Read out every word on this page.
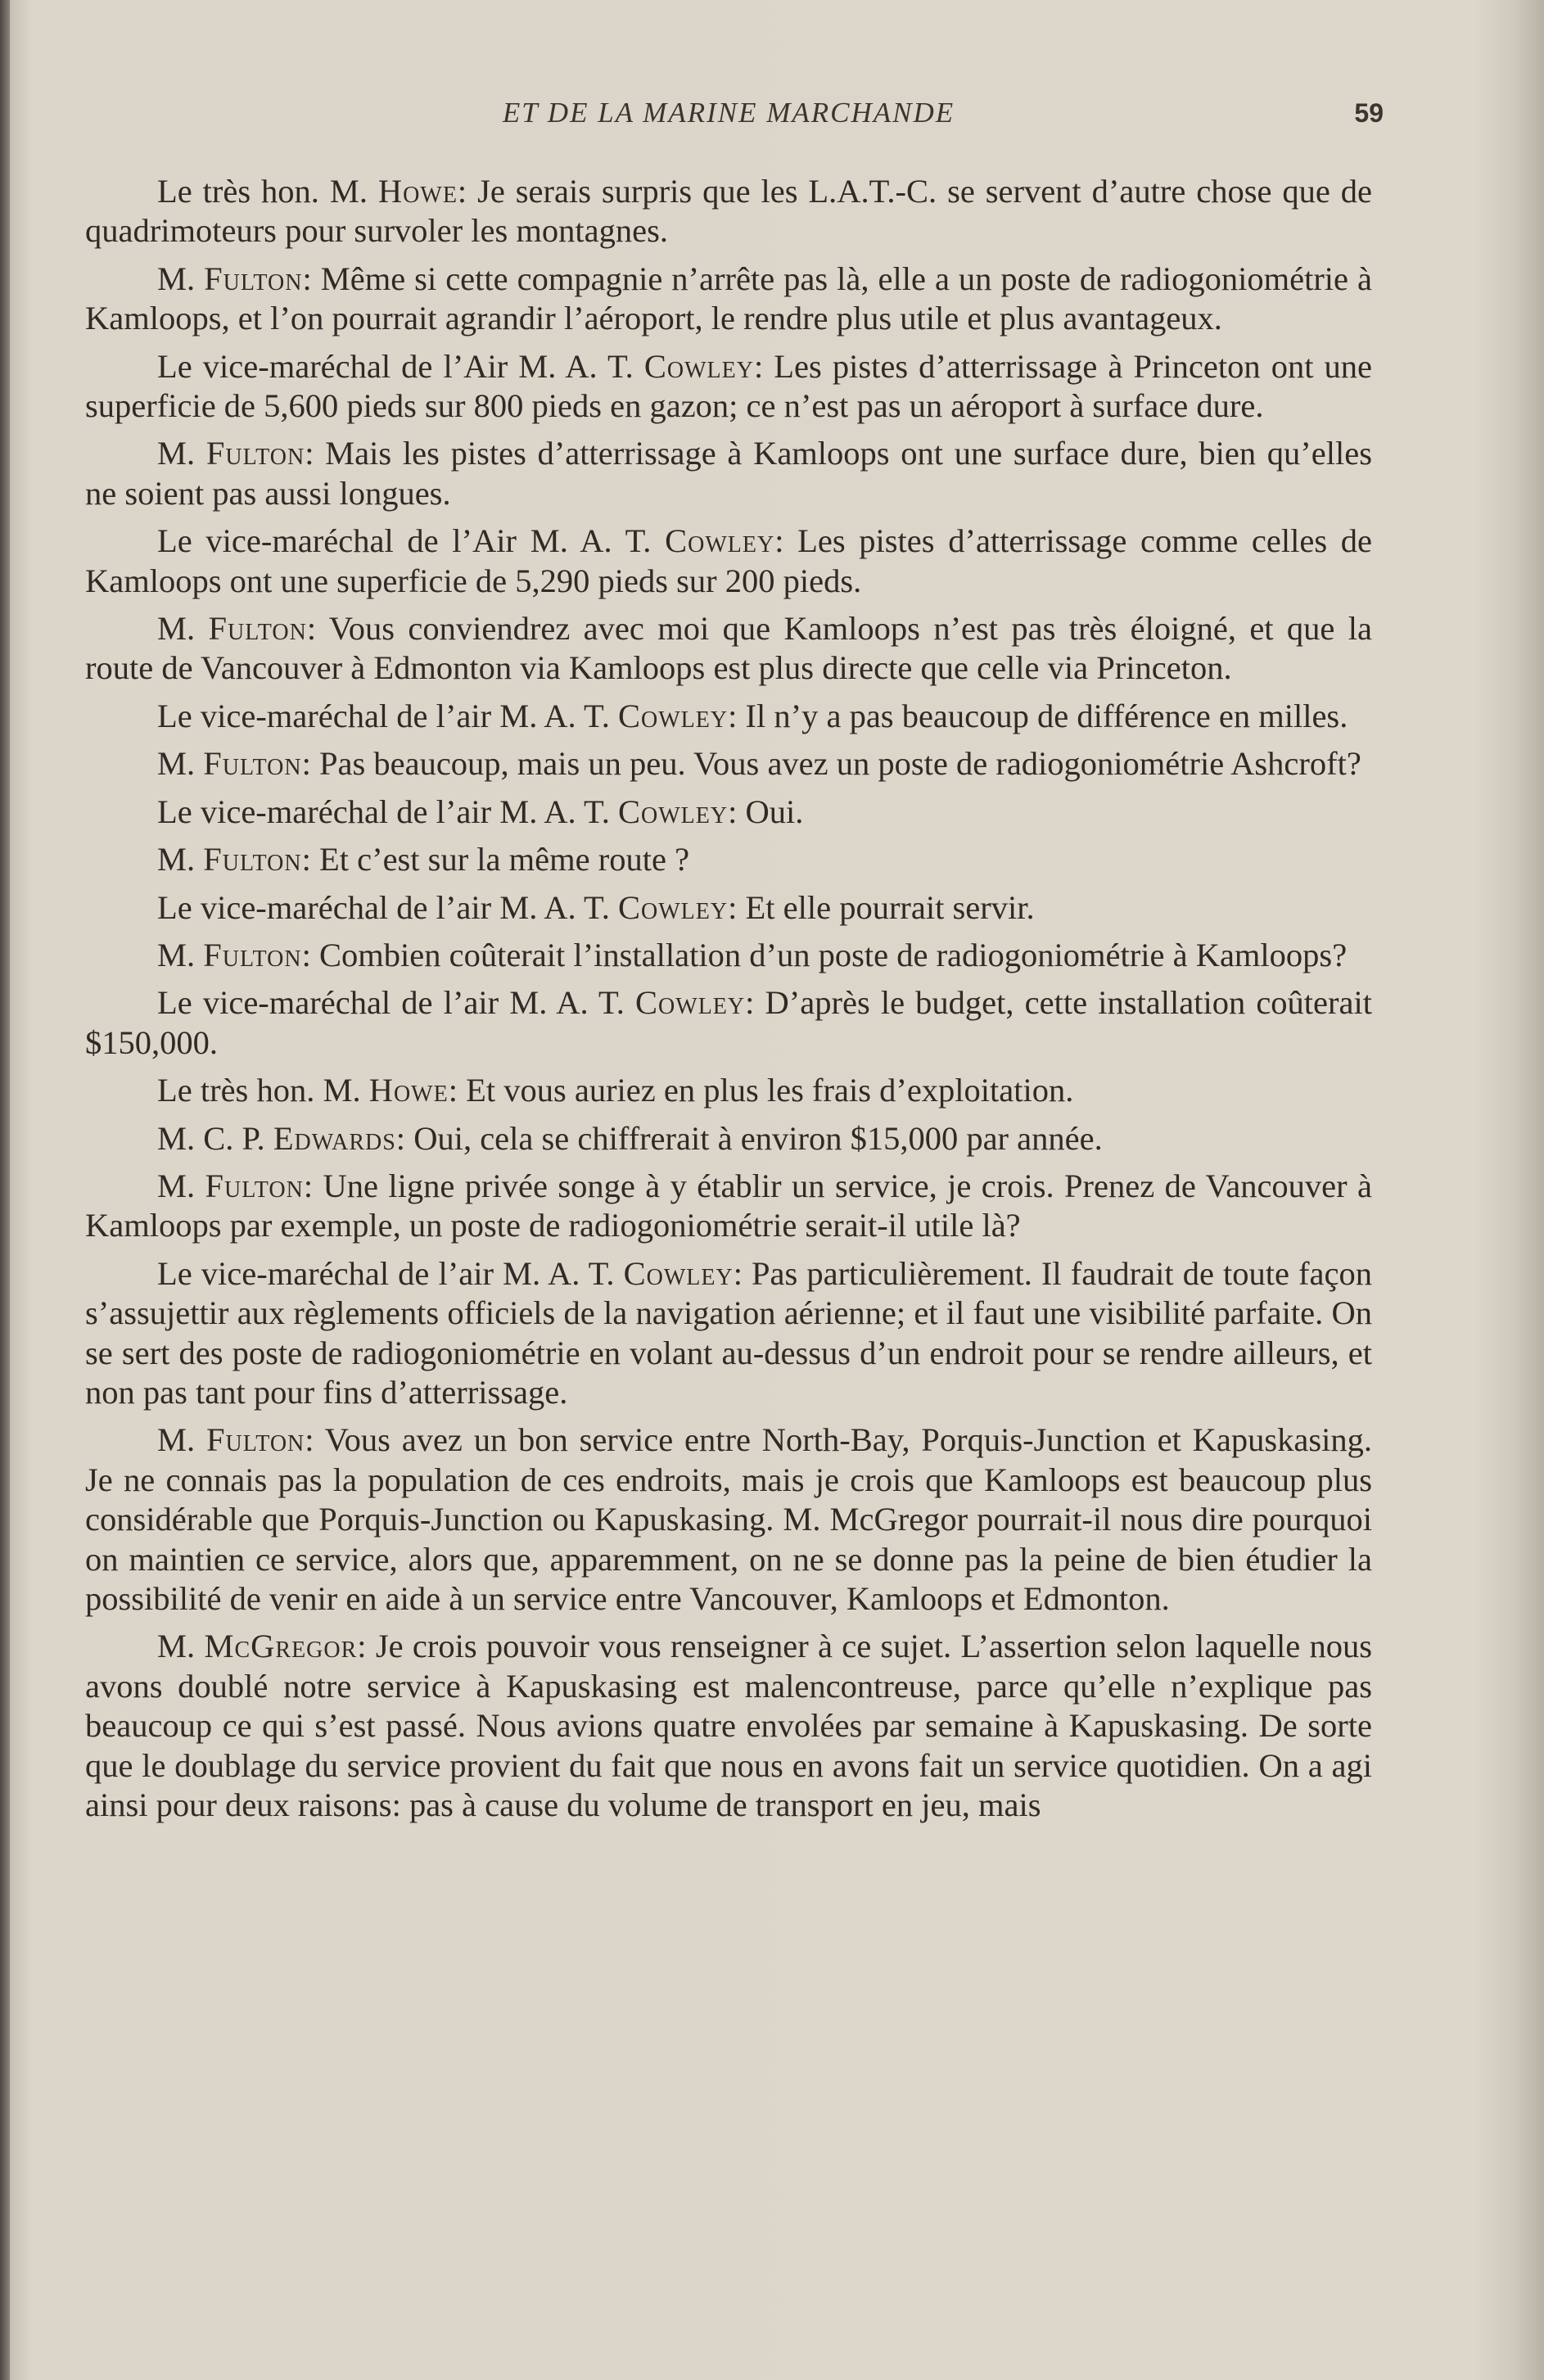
ET DE LA MARINE MARCHANDE	59

Le très hon. M. Howe: Je serais surpris que les L.A.T.-C. se servent d’autre chose que de quadrimoteurs pour survoler les montagnes.

M. Fulton: Même si cette compagnie n’arrête pas là, elle a un poste de radiogoniométrie à Kamloops, et l’on pourrait agrandir l’aéroport, le rendre plus utile et plus avantageux.

Le vice-maréchal de l’Air M. A. T. Cowley: Les pistes d’atterrissage à Princeton ont une superficie de 5,600 pieds sur 800 pieds en gazon; ce n’est pas un aéroport à surface dure.

M. Fulton: Mais les pistes d’atterrissage à Kamloops ont une surface dure, bien qu’elles ne soient pas aussi longues.

Le vice-maréchal de l’Air M. A. T. Cowley: Les pistes d’atterrissage comme celles de Kamloops ont une superficie de 5,290 pieds sur 200 pieds.

M. Fulton: Vous conviendrez avec moi que Kamloops n’est pas très éloigné, et que la route de Vancouver à Edmonton via Kamloops est plus directe que celle via Princeton.

Le vice-maréchal de l’air M. A. T. Cowley: Il n’y a pas beaucoup de différence en milles.

M. Fulton: Pas beaucoup, mais un peu. Vous avez un poste de radiogoniométrie Ashcroft?

Le vice-maréchal de l’air M. A. T. Cowley: Oui.

M. Fulton: Et c’est sur la même route ?

Le vice-maréchal de l’air M. A. T. Cowley: Et elle pourrait servir.

M. Fulton: Combien coûterait l’installation d’un poste de radiogoniométrie à Kamloops?

Le vice-maréchal de l’air M. A. T. Cowley: D’après le budget, cette installation coûterait $150,000.

Le très hon. M. Howe: Et vous auriez en plus les frais d’exploitation.

M. C. P. Edwards: Oui, cela se chiffrerait à environ $15,000 par année.

M. Fulton: Une ligne privée songe à y établir un service, je crois. Prenez de Vancouver à Kamloops par exemple, un poste de radiogoniométrie serait-il utile là?

Le vice-maréchal de l’air M. A. T. Cowley: Pas particulièrement. Il faudrait de toute façon s’assujettir aux règlements officiels de la navigation aérienne; et il faut une visibilité parfaite. On se sert des poste de radiogoniométrie en volant au-dessus d’un endroit pour se rendre ailleurs, et non pas tant pour fins d’atterrissage.

M. Fulton: Vous avez un bon service entre North-Bay, Porquis-Junction et Kapuskasing. Je ne connais pas la population de ces endroits, mais je crois que Kamloops est beaucoup plus considérable que Porquis-Junction ou Kapuskasing. M. McGregor pourrait-il nous dire pourquoi on maintien ce service, alors que, apparemment, on ne se donne pas la peine de bien étudier la possibilité de venir en aide à un service entre Vancouver, Kamloops et Edmonton.

M. McGregor: Je crois pouvoir vous renseigner à ce sujet. L’assertion selon laquelle nous avons doublé notre service à Kapuskasing est malencontreuse, parce qu’elle n’explique pas beaucoup ce qui s’est passé. Nous avions quatre envolées par semaine à Kapuskasing. De sorte que le doublage du service provient du fait que nous en avons fait un service quotidien. On a agi ainsi pour deux raisons: pas à cause du volume de transport en jeu, mais
